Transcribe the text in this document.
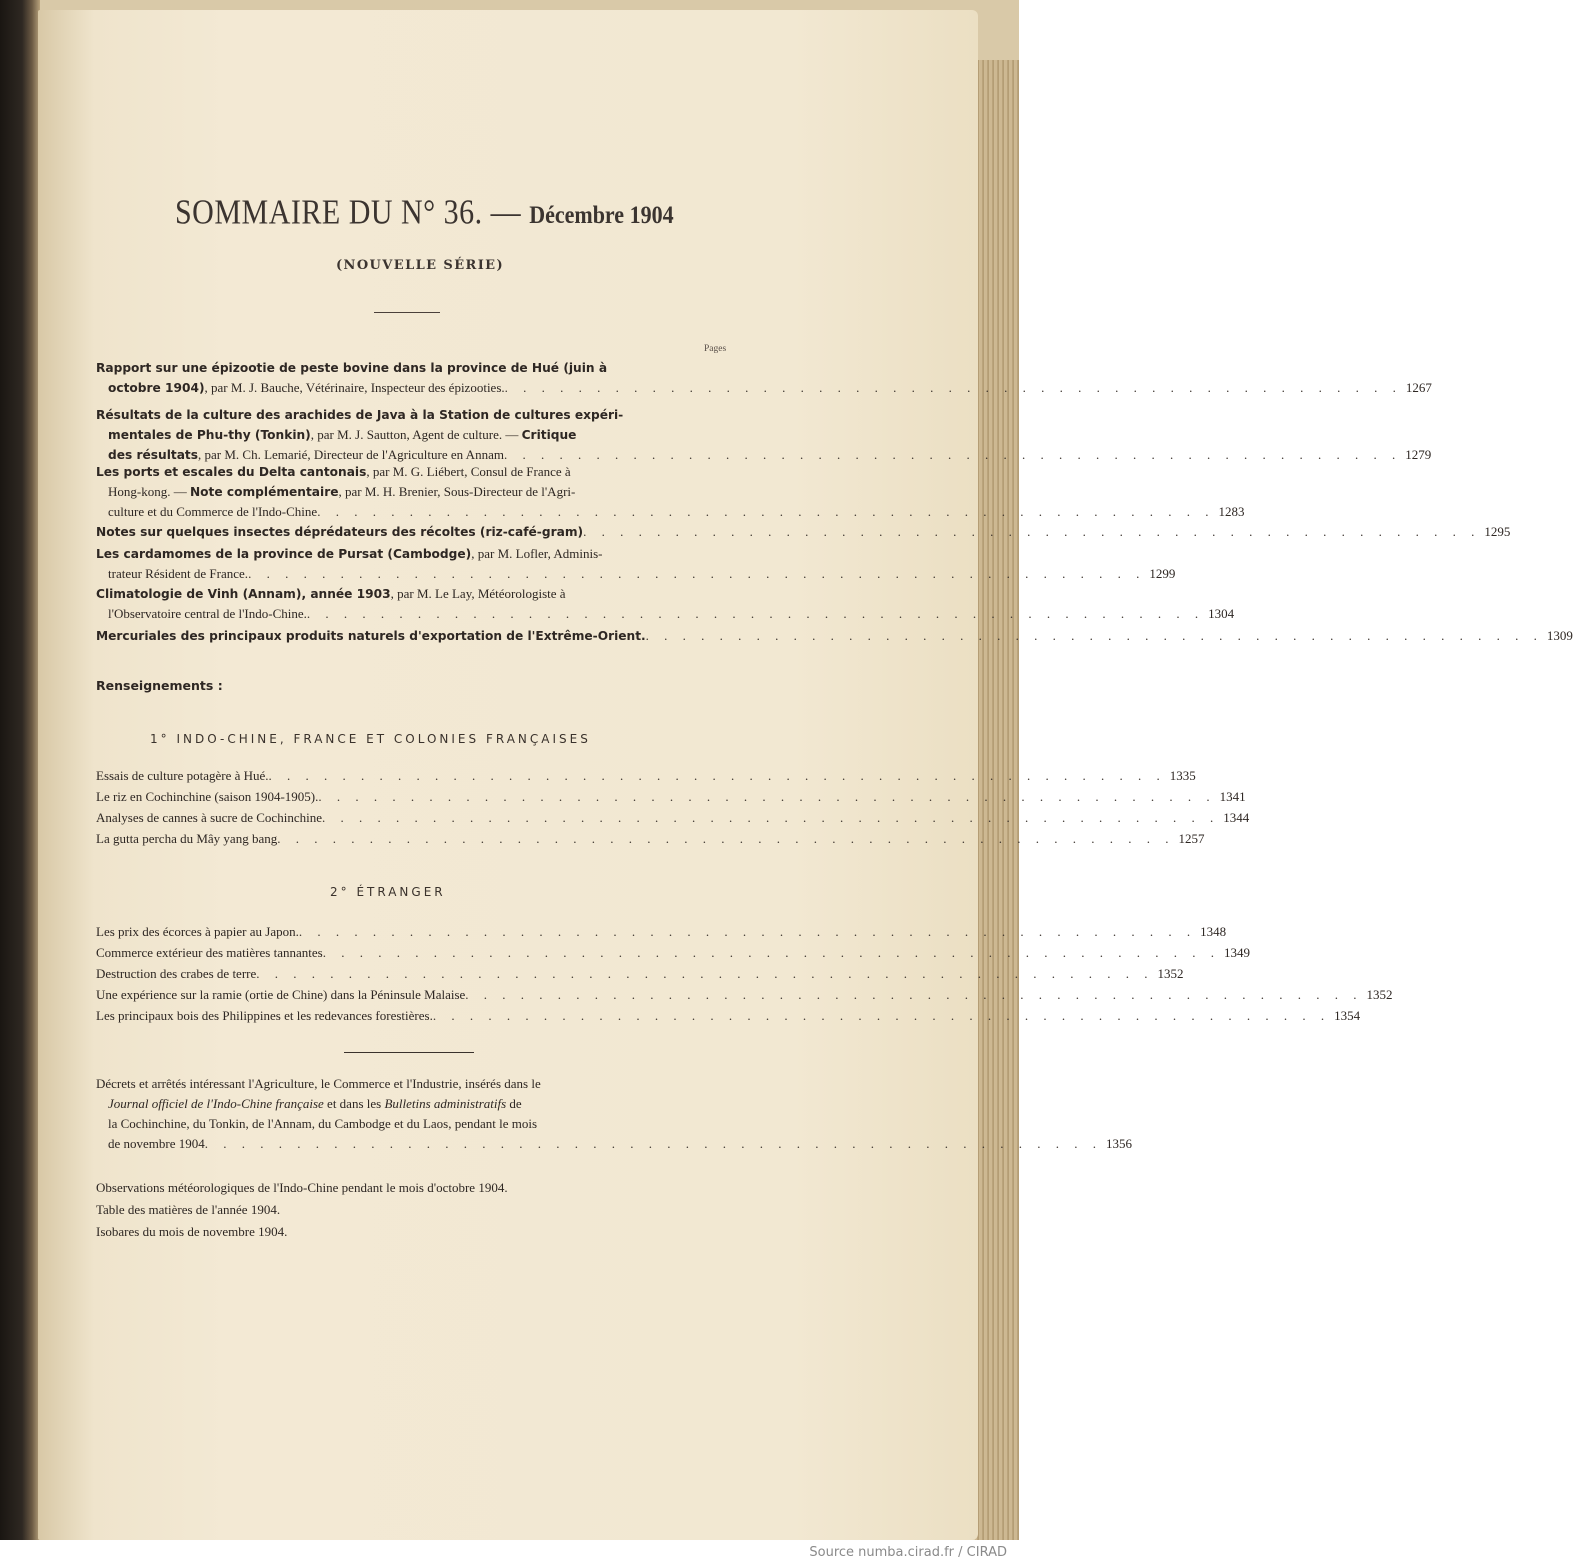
SOMMAIRE DU N° 36. — Décembre 1904
(NOUVELLE SÉRIE)
Pages
Rapport sur une épizootie de peste bovine dans la province de Hué (juin à
octobre 1904), par M. J. Bauche, Vétérinaire, Inspecteur des épizooties. . . . . . . . . . . . . . . . . . . . . . . . . . . . . . . . . . . . . . . . . . . . . . . . . . 1267
Résultats de la culture des arachides de Java à la Station de cultures expéri-
mentales de Phu-thy (Tonkin), par M. J. Sautton, Agent de culture. — Critique
des résultats, par M. Ch. Lemarié, Directeur de l'Agriculture en Annam . . . . . . . . . . . . . . . . . . . . . . . . . . . . . . . . . . . . . . . . . . . . . . . . . 1279
Les ports et escales du Delta cantonais, par M. G. Liébert, Consul de France à
Hong-kong. — Note complémentaire, par M. H. Brenier, Sous-Directeur de l'Agri-
culture et du Commerce de l'Indo-Chine . . . . . . . . . . . . . . . . . . . . . . . . . . . . . . . . . . . . . . . . . . . . . . . . . 1283
Notes sur quelques insectes déprédateurs des récoltes (riz-café-gram) . . . . . . . . . . . . . . . . . . . . . . . . . . . . . . . . . . . . . . . . . . . . . . . . . 1295
Les cardamomes de la province de Pursat (Cambodge), par M. Lofler, Adminis-
trateur Résident de France. . . . . . . . . . . . . . . . . . . . . . . . . . . . . . . . . . . . . . . . . . . . . . . . . . 1299
Climatologie de Vinh (Annam), année 1903, par M. Le Lay, Météorologiste à
l'Observatoire central de l'Indo-Chine. . . . . . . . . . . . . . . . . . . . . . . . . . . . . . . . . . . . . . . . . . . . . . . . . . 1304
Mercuriales des principaux produits naturels d'exportation de l'Extrême-Orient. . . . . . . . . . . . . . . . . . . . . . . . . . . . . . . . . . . . . . . . . . . . . . . . . . 1309
Renseignements :
1° INDO-CHINE, FRANCE ET COLONIES FRANÇAISES
Essais de culture potagère à Hué. . . . . . . . . . . . . . . . . . . . . . . . . . . . . . . . . . . . . . . . . . . . . . . . . . 1335
Le riz en Cochinchine (saison 1904-1905). . . . . . . . . . . . . . . . . . . . . . . . . . . . . . . . . . . . . . . . . . . . . . . . . . 1341
Analyses de cannes à sucre de Cochinchine . . . . . . . . . . . . . . . . . . . . . . . . . . . . . . . . . . . . . . . . . . . . . . . . . 1344
La gutta percha du Mây yang bang . . . . . . . . . . . . . . . . . . . . . . . . . . . . . . . . . . . . . . . . . . . . . . . . . 1257
2° ÉTRANGER
Les prix des écorces à papier au Japon. . . . . . . . . . . . . . . . . . . . . . . . . . . . . . . . . . . . . . . . . . . . . . . . . . 1348
Commerce extérieur des matières tannantes . . . . . . . . . . . . . . . . . . . . . . . . . . . . . . . . . . . . . . . . . . . . . . . . . 1349
Destruction des crabes de terre . . . . . . . . . . . . . . . . . . . . . . . . . . . . . . . . . . . . . . . . . . . . . . . . . 1352
Une expérience sur la ramie (ortie de Chine) dans la Péninsule Malaise . . . . . . . . . . . . . . . . . . . . . . . . . . . . . . . . . . . . . . . . . . . . . . . . . 1352
Les principaux bois des Philippines et les redevances forestières. . . . . . . . . . . . . . . . . . . . . . . . . . . . . . . . . . . . . . . . . . . . . . . . . . 1354
Décrets et arrêtés intéressant l'Agriculture, le Commerce et l'Industrie, insérés dans le
Journal officiel de l'Indo-Chine française et dans les Bulletins administratifs de
la Cochinchine, du Tonkin, de l'Annam, du Cambodge et du Laos, pendant le mois
de novembre 1904 . . . . . . . . . . . . . . . . . . . . . . . . . . . . . . . . . . . . . . . . . . . . . . . . . 1356
Observations météorologiques de l'Indo-Chine pendant le mois d'octobre 1904.
Table des matières de l'année 1904.
Isobares du mois de novembre 1904.
Source numba.cirad.fr / CIRAD
